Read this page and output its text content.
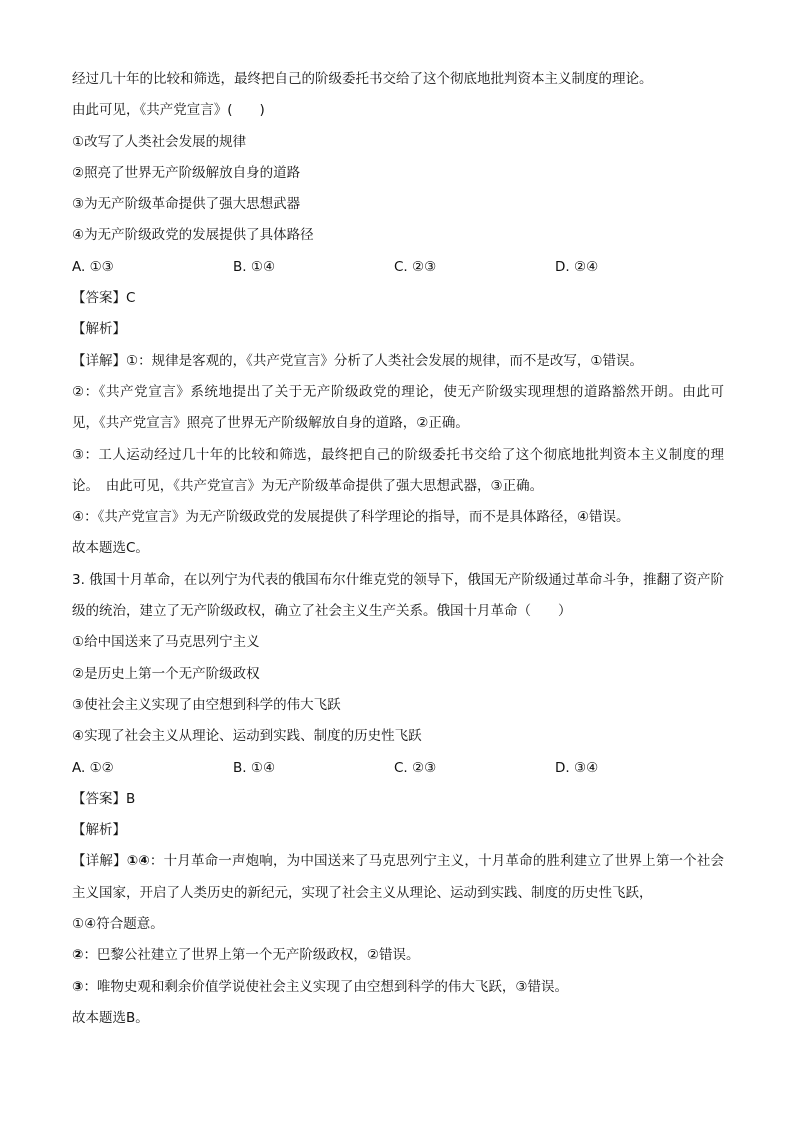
经过几十年的比较和筛选，最终把自己的阶级委托书交给了这个彻底地批判资本主义制度的理论。
由此可见，《共产党宣言》(　　)
①改写了人类社会发展的规律
②照亮了世界无产阶级解放自身的道路
③为无产阶级革命提供了强大思想武器
④为无产阶级政党的发展提供了具体路径
A. ①③	B. ①④	C. ②③	D. ②④
【答案】C
【解析】
【详解】①：规律是客观的，《共产党宣言》分析了人类社会发展的规律，而不是改写，①错误。
②：《共产党宣言》系统地提出了关于无产阶级政党的理论，使无产阶级实现理想的道路豁然开朗。由此可见，《共产党宣言》照亮了世界无产阶级解放自身的道路，②正确。
③：工人运动经过几十年的比较和筛选，最终把自己的阶级委托书交给了这个彻底地批判资本主义制度的理论。　由此可见，《共产党宣言》为无产阶级革命提供了强大思想武器，③正确。
④：《共产党宣言》为无产阶级政党的发展提供了科学理论的指导，而不是具体路径，④错误。
故本题选C。
3. 俄国十月革命，在以列宁为代表的俄国布尔什维克党的领导下，俄国无产阶级通过革命斗争，推翻了资产阶级的统治，建立了无产阶级政权，确立了社会主义生产关系。俄国十月革命（　　）
①给中国送来了马克思列宁主义
②是历史上第一个无产阶级政权
③使社会主义实现了由空想到科学的伟大飞跃
④实现了社会主义从理论、运动到实践、制度的历史性飞跃
A. ①②	B. ①④	C. ②③	D. ③④
【答案】B
【解析】
【详解】①④：十月革命一声炮响，为中国送来了马克思列宁主义，十月革命的胜利建立了世界上第一个社会主义国家，开启了人类历史的新纪元，实现了社会主义从理论、运动到实践、制度的历史性飞跃，
①④符合题意。
②：巴黎公社建立了世界上第一个无产阶级政权，②错误。
③：唯物史观和剩余价值学说使社会主义实现了由空想到科学的伟大飞跃，③错误。
故本题选B。
